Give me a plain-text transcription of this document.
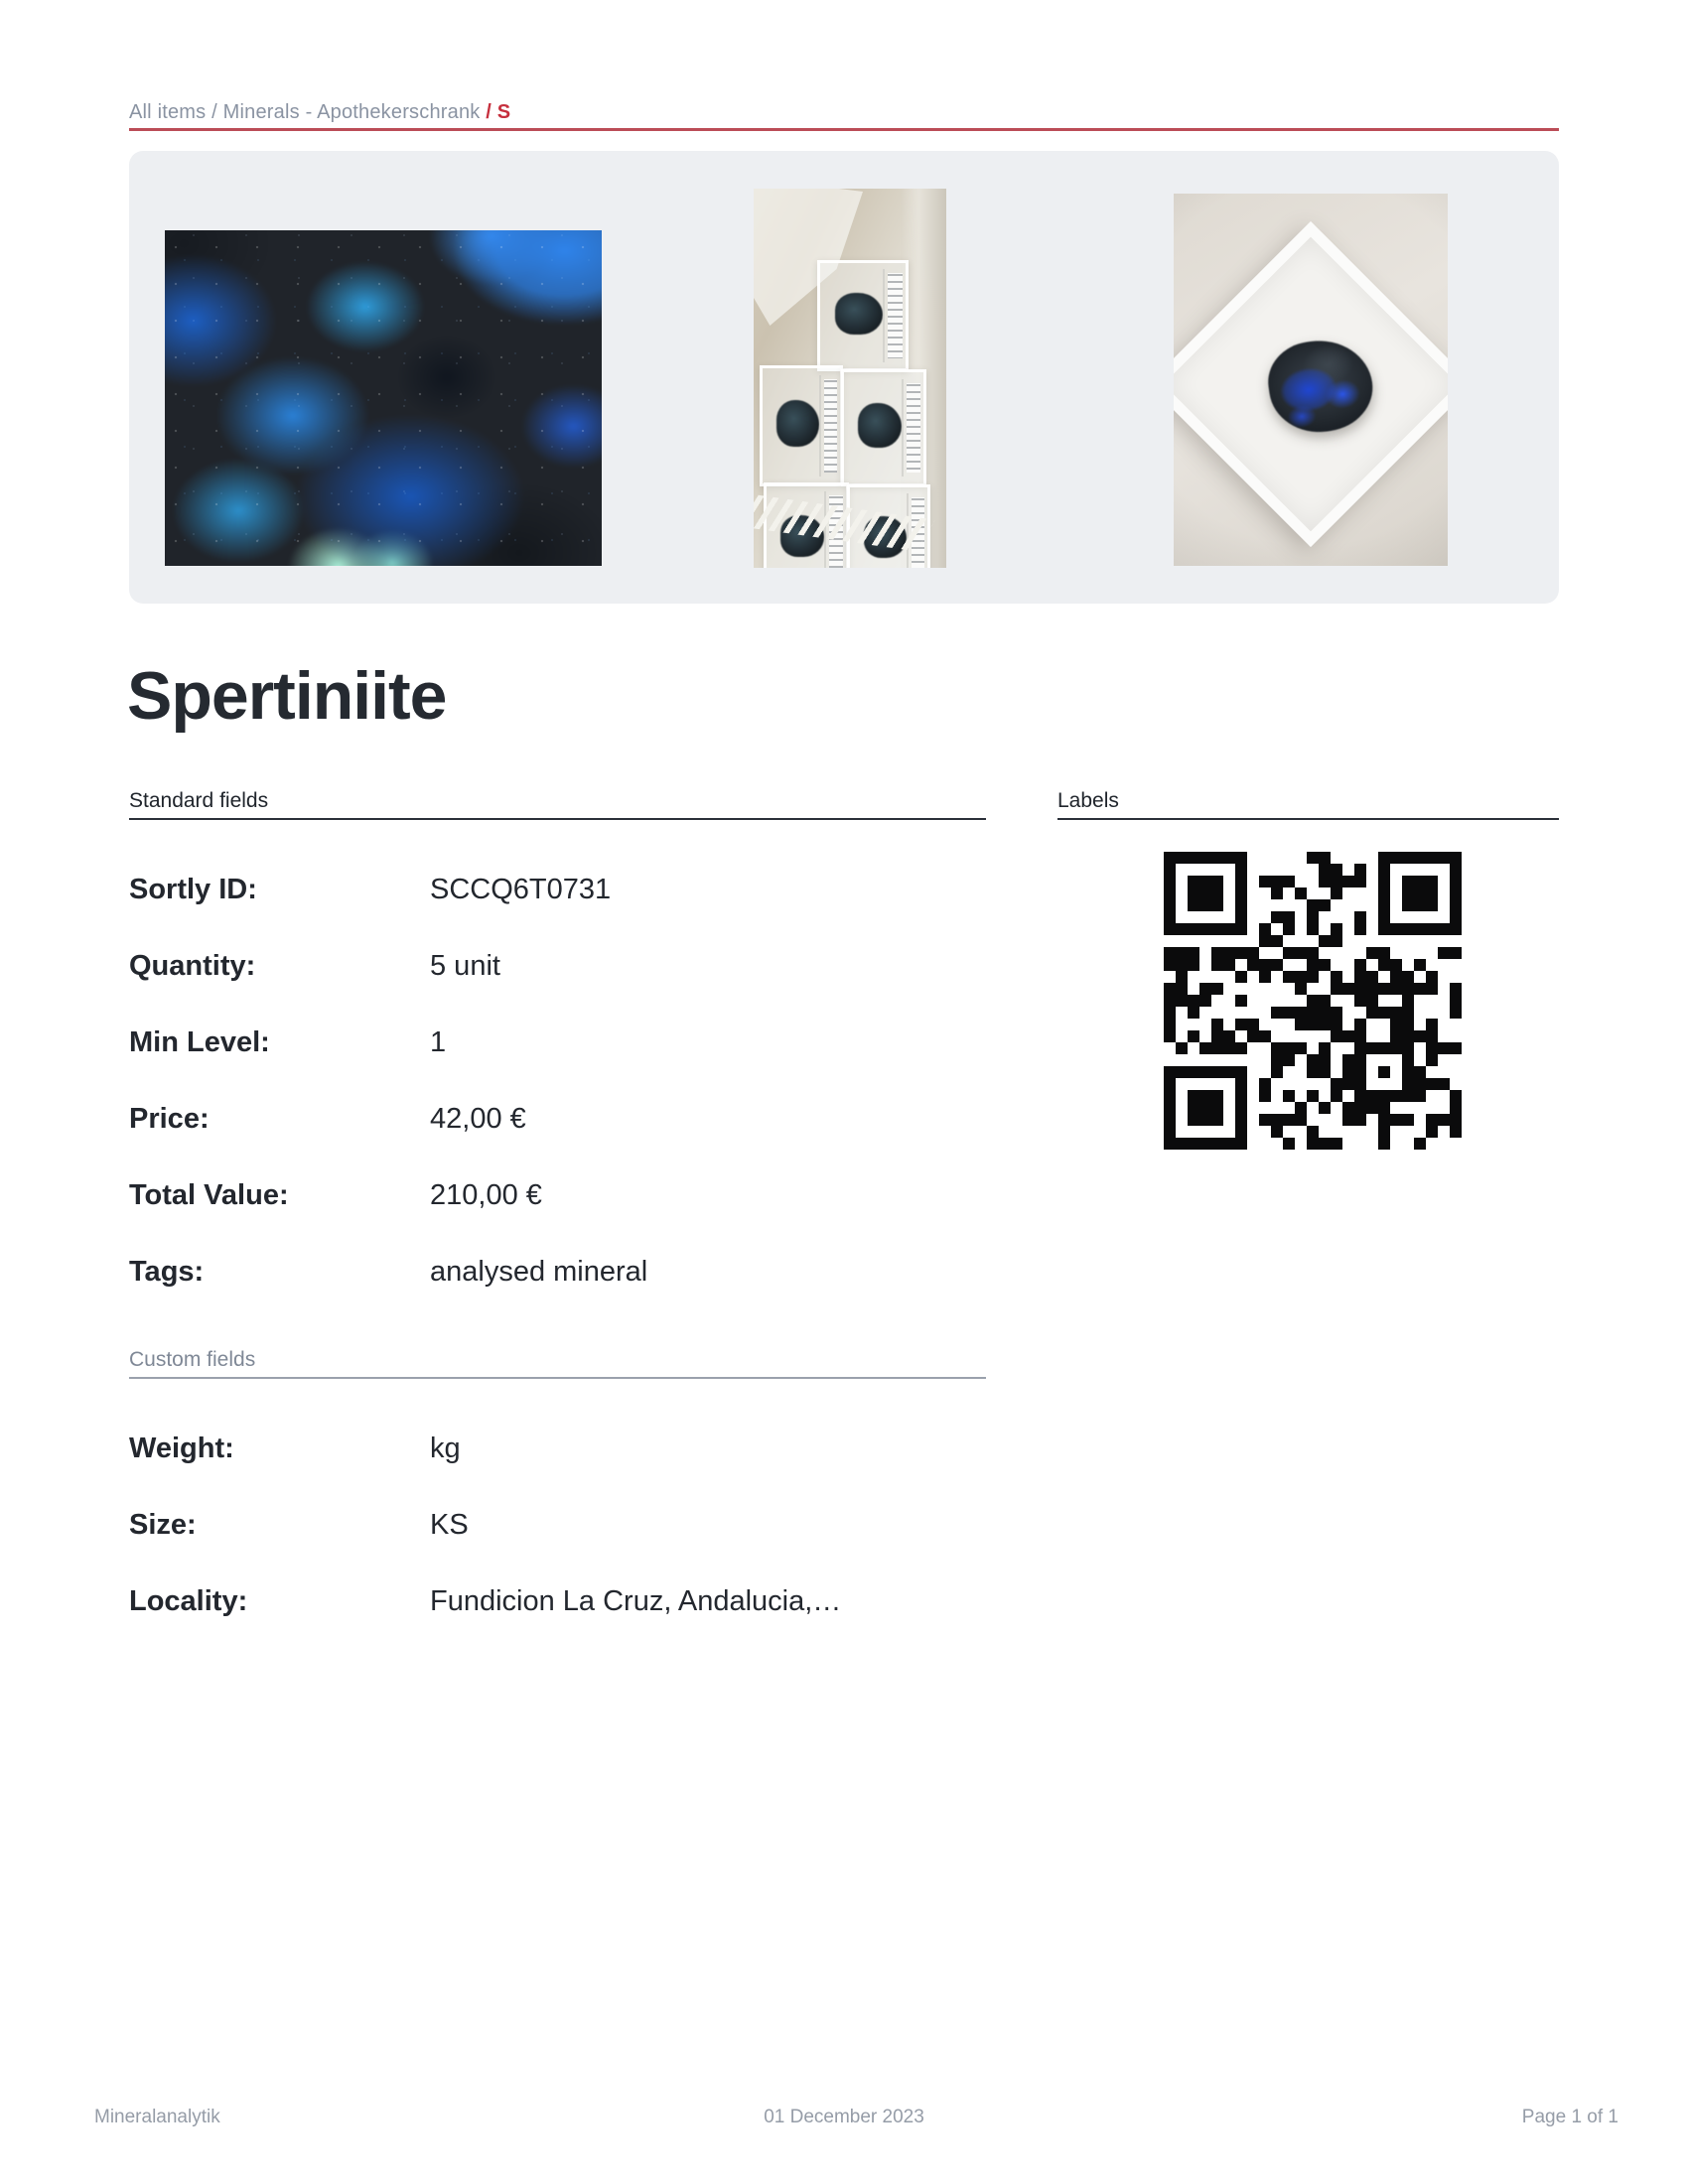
All items / Minerals - Apothekerschrank / S
Spertiniite
Standard fields
Sortly ID:	SCCQ6T0731
Quantity:	5 unit
Min Level:	1
Price:	42,00 €
Total Value:	210,00 €
Tags:	analysed mineral
Custom fields
Weight:	kg
Size:	KS
Locality:	Fundicion La Cruz, Andalucia,…
Labels
Mineralanalytik	01 December 2023	Page 1 of 1
